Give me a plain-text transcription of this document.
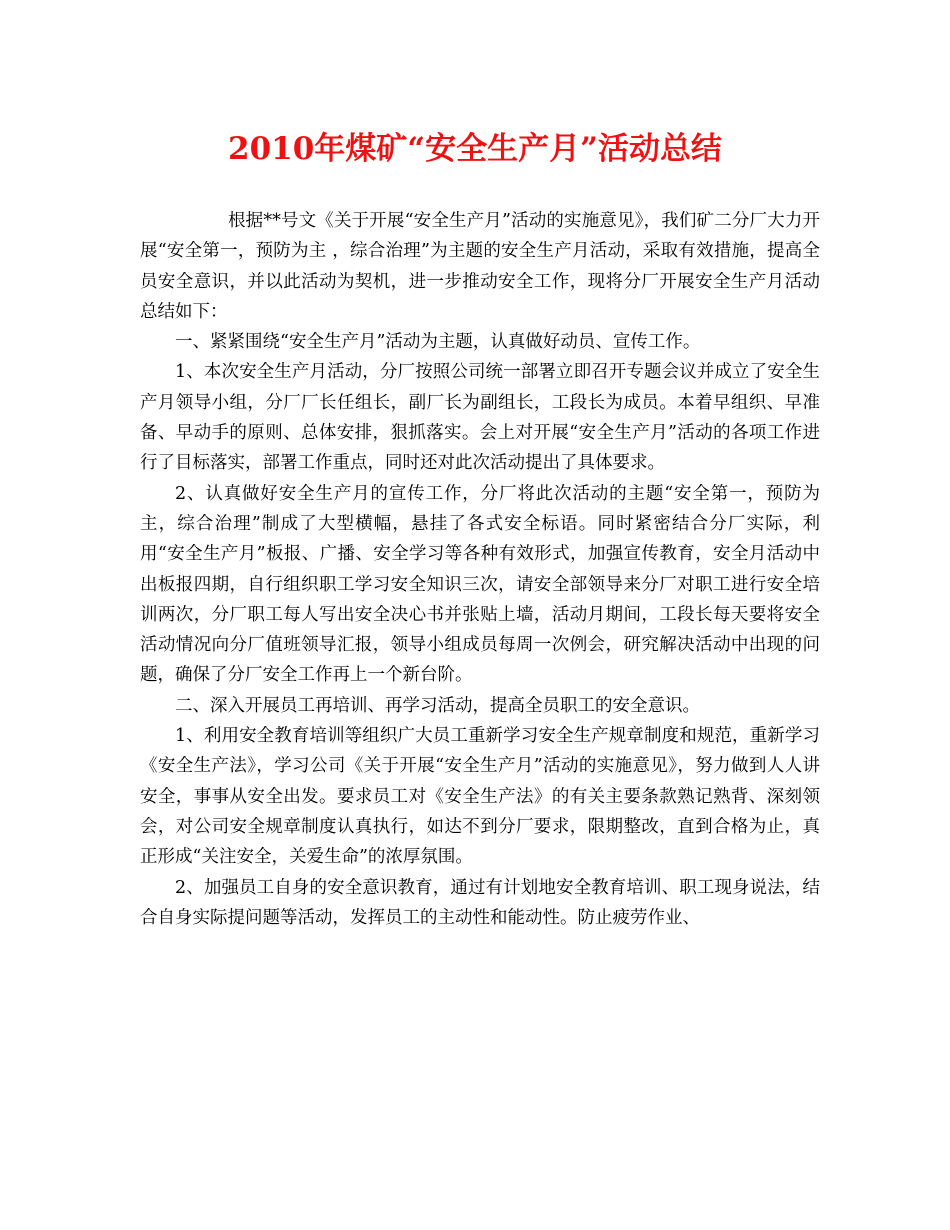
2010年煤矿“安全生产月”活动总结

根据**号文《关于开展“安全生产月”活动的实施意见》，我们矿二分厂大力开展“安全第一，预防为主 ，综合治理”为主题的安全生产月活动，采取有效措施，提高全员安全意识，并以此活动为契机，进一步推动安全工作，现将分厂开展安全生产月活动总结如下：

一、紧紧围绕“安全生产月”活动为主题，认真做好动员、宣传工作。

1、本次安全生产月活动，分厂按照公司统一部署立即召开专题会议并成立了安全生产月领导小组，分厂厂长任组长，副厂长为副组长，工段长为成员。本着早组织、早准备、早动手的原则、总体安排，狠抓落实。会上对开展“安全生产月”活动的各项工作进行了目标落实，部署工作重点，同时还对此次活动提出了具体要求。

2、认真做好安全生产月的宣传工作，分厂将此次活动的主题“安全第一，预防为主，综合治理”制成了大型横幅，悬挂了各式安全标语。同时紧密结合分厂实际，利用“安全生产月”板报、广播、安全学习等各种有效形式，加强宣传教育，安全月活动中出板报四期，自行组织职工学习安全知识三次，请安全部领导来分厂对职工进行安全培训两次，分厂职工每人写出安全决心书并张贴上墙，活动月期间，工段长每天要将安全活动情况向分厂值班领导汇报，领导小组成员每周一次例会，研究解决活动中出现的问题，确保了分厂安全工作再上一个新台阶。

二、深入开展员工再培训、再学习活动，提高全员职工的安全意识。

1、利用安全教育培训等组织广大员工重新学习安全生产规章制度和规范，重新学习《安全生产法》，学习公司《关于开展“安全生产月”活动的实施意见》，努力做到人人讲安全，事事从安全出发。要求员工对《安全生产法》的有关主要条款熟记熟背、深刻领会，对公司安全规章制度认真执行，如达不到分厂要求，限期整改，直到合格为止，真正形成“关注安全，关爱生命”的浓厚氛围。

2、加强员工自身的安全意识教育，通过有计划地安全教育培训、职工现身说法，结合自身实际提问题等活动，发挥员工的主动性和能动性。防止疲劳作业、
